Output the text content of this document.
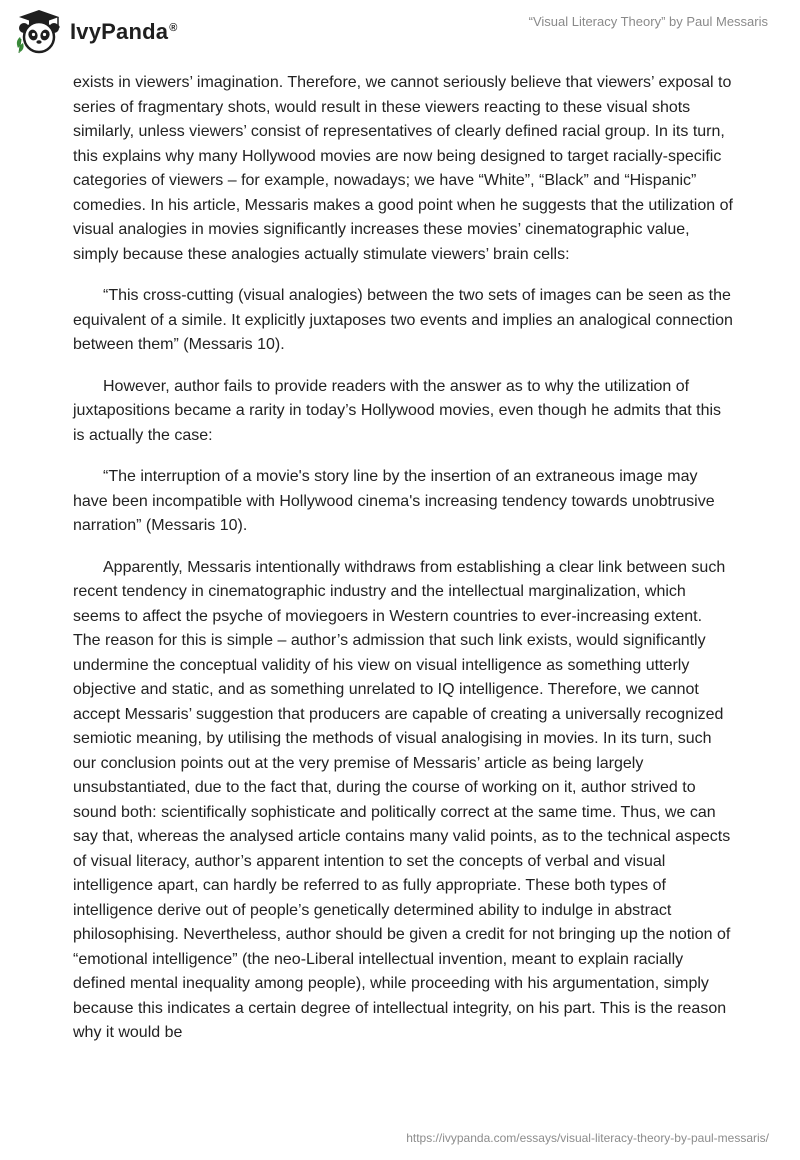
IvyPanda®	“Visual Literacy Theory” by Paul Messaris

exists in viewers’ imagination. Therefore, we cannot seriously believe that viewers’ exposal to series of fragmentary shots, would result in these viewers reacting to these visual shots similarly, unless viewers’ consist of representatives of clearly defined racial group. In its turn, this explains why many Hollywood movies are now being designed to target racially-specific categories of viewers – for example, nowadays; we have “White”, “Black” and “Hispanic” comedies. In his article, Messaris makes a good point when he suggests that the utilization of visual analogies in movies significantly increases these movies’ cinematographic value, simply because these analogies actually stimulate viewers’ brain cells:

“This cross-cutting (visual analogies) between the two sets of images can be seen as the equivalent of a simile. It explicitly juxtaposes two events and implies an analogical connection between them” (Messaris 10).

However, author fails to provide readers with the answer as to why the utilization of juxtapositions became a rarity in today’s Hollywood movies, even though he admits that this is actually the case:

“The interruption of a movie's story line by the insertion of an extraneous image may have been incompatible with Hollywood cinema's increasing tendency towards unobtrusive narration” (Messaris 10).

Apparently, Messaris intentionally withdraws from establishing a clear link between such recent tendency in cinematographic industry and the intellectual marginalization, which seems to affect the psyche of moviegoers in Western countries to ever-increasing extent. The reason for this is simple – author’s admission that such link exists, would significantly undermine the conceptual validity of his view on visual intelligence as something utterly objective and static, and as something unrelated to IQ intelligence. Therefore, we cannot accept Messaris’ suggestion that producers are capable of creating a universally recognized semiotic meaning, by utilising the methods of visual analogising in movies. In its turn, such our conclusion points out at the very premise of Messaris’ article as being largely unsubstantiated, due to the fact that, during the course of working on it, author strived to sound both: scientifically sophisticate and politically correct at the same time. Thus, we can say that, whereas the analysed article contains many valid points, as to the technical aspects of visual literacy, author’s apparent intention to set the concepts of verbal and visual intelligence apart, can hardly be referred to as fully appropriate. These both types of intelligence derive out of people’s genetically determined ability to indulge in abstract philosophising. Nevertheless, author should be given a credit for not bringing up the notion of “emotional intelligence” (the neo-Liberal intellectual invention, meant to explain racially defined mental inequality among people), while proceeding with his argumentation, simply because this indicates a certain degree of intellectual integrity, on his part. This is the reason why it would be

https://ivypanda.com/essays/visual-literacy-theory-by-paul-messaris/
